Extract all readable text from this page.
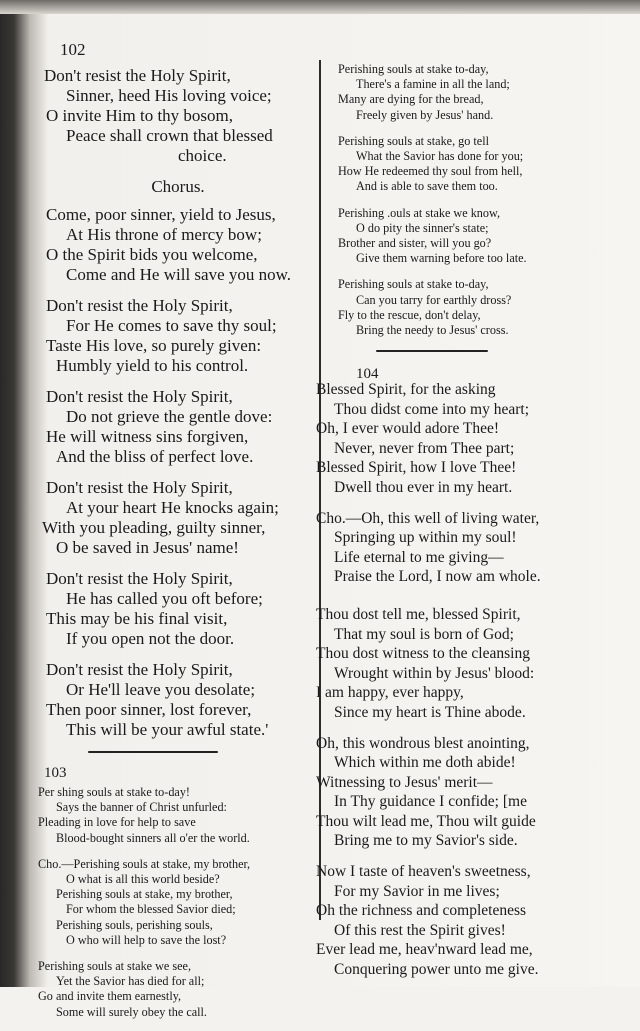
102
Don't resist the Holy Spirit,
Sinner, heed His loving voice;
O invite Him to thy bosom,
Peace shall crown that blessed
choice.
Chorus.
Come, poor sinner, yield to Jesus,
At His throne of mercy bow;
O the Spirit bids you welcome,
Come and He will save you now.
Don't resist the Holy Spirit,
For He comes to save thy soul;
Taste His love, so purely given:
Humbly yield to his control.
Don't resist the Holy Spirit,
Do not grieve the gentle dove:
He will witness sins forgiven,
And the bliss of perfect love.
Don't resist the Holy Spirit,
At your heart He knocks again;
With you pleading, guilty sinner,
O be saved in Jesus' name!
Don't resist the Holy Spirit,
He has called you oft before;
This may be his final visit,
If you open not the door.
Don't resist the Holy Spirit,
Or He'll leave you desolate;
Then poor sinner, lost forever,
This will be your awful state.'
103
Per shing souls at stake to-day!
Says the banner of Christ unfurled:
Pleading in love for help to save
Blood-bought sinners all o'er the world.
Cho.—Perishing souls at stake, my brother,
O what is all this world beside?
Perishing souls at stake, my brother,
For whom the blessed Savior died;
Perishing souls, perishing souls,
O who will help to save the lost?
Perishing souls at stake we see,
Yet the Savior has died for all;
Go and invite them earnestly,
Some will surely obey the call.
Perishing souls at stake to-day,
There's a famine in all the land;
Many are dying for the bread,
Freely given by Jesus' hand.
Perishing souls at stake, go tell
What the Savior has done for you;
How He redeemed thy soul from hell,
And is able to save them too.
Perishing .ouls at stake we know,
O do pity the sinner's state;
Brother and sister, will you go?
Give them warning before too late.
Perishing souls at stake to-day,
Can you tarry for earthly dross?
Fly to the rescue, don't delay,
Bring the needy to Jesus' cross.
104
Blessed Spirit, for the asking
Thou didst come into my heart;
Oh, I ever would adore Thee!
Never, never from Thee part;
Blessed Spirit, how I love Thee!
Dwell thou ever in my heart.
Cho.—Oh, this well of living water,
Springing up within my soul!
Life eternal to me giving—
Praise the Lord, I now am whole.
Thou dost tell me, blessed Spirit,
That my soul is born of God;
Thou dost witness to the cleansing
Wrought within by Jesus' blood:
I am happy, ever happy,
Since my heart is Thine abode.
Oh, this wondrous blest anointing,
Which within me doth abide!
Witnessing to Jesus' merit—
In Thy guidance I confide; [me
Thou wilt lead me, Thou wilt guide
Bring me to my Savior's side.
Now I taste of heaven's sweetness,
For my Savior in me lives;
Oh the richness and completeness
Of this rest the Spirit gives!
Ever lead me, heav'nward lead me,
Conquering power unto me give.
